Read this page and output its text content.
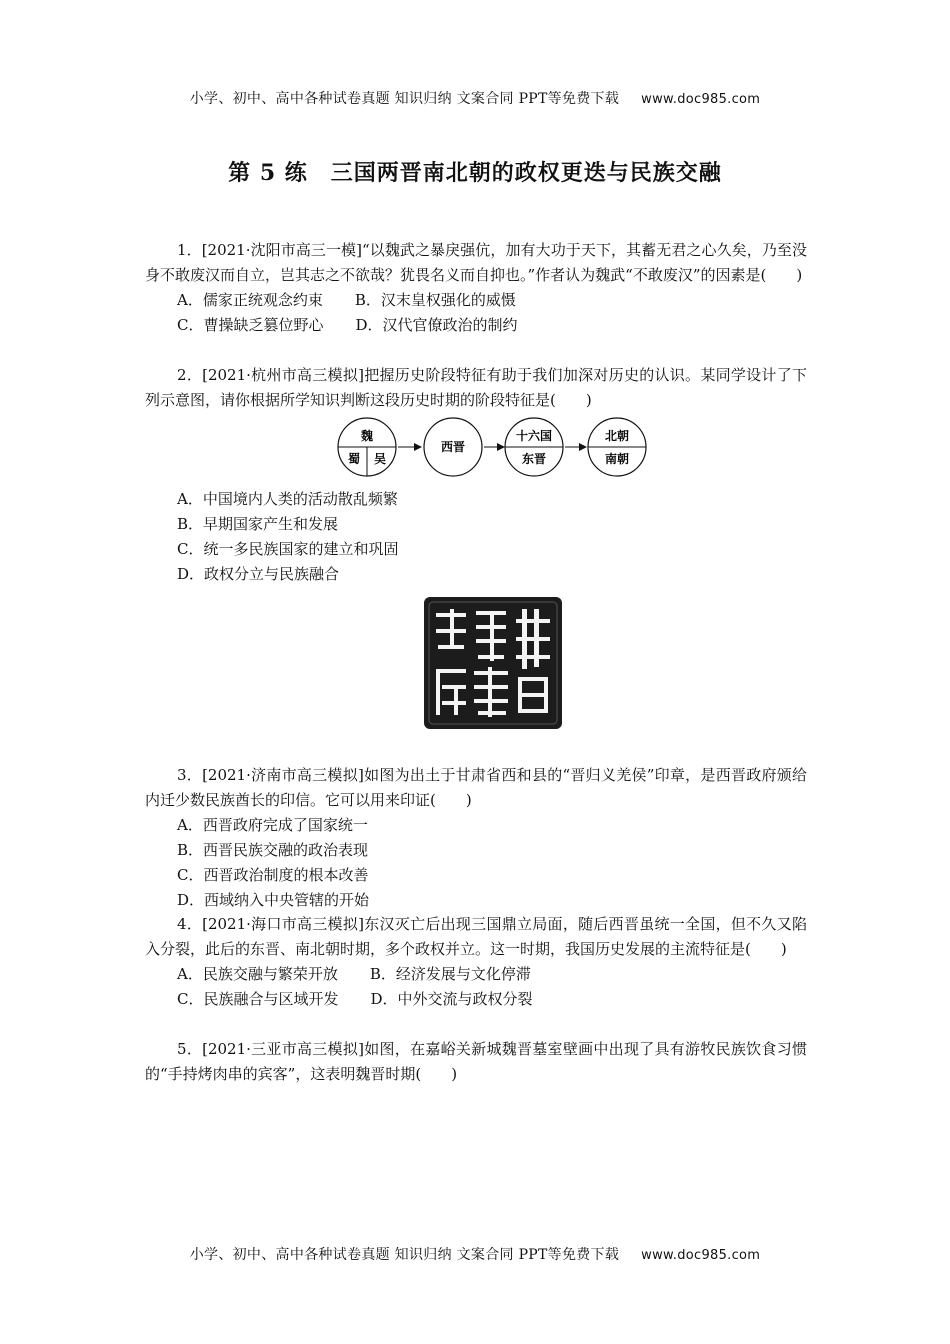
小学、初中、高中各种试卷真题 知识归纳 文案合同 PPT等免费下载 www.doc985.com
第 5 练　三国两晋南北朝的政权更迭与民族交融

1．[2021·沈阳市高三一模]“以魏武之暴戾强伉，加有大功于天下，其蓄无君之心久矣，乃至没身不敢废汉而自立，岂其志之不欲哉？犹畏名义而自抑也。”作者认为魏武“不敢废汉”的因素是(　　)

A．儒家正统观念约束 B．汉末皇权强化的威慑

C．曹操缺乏篡位野心 D．汉代官僚政治的制约

2．[2021·杭州市高三模拟]把握历史阶段特征有助于我们加深对历史的认识。某同学设计了下列示意图，请你根据所学知识判断这段历史时期的阶段特征是(　　)

魏
蜀 吴
西晋
十六国
东晋
北朝
南朝

A．中国境内人类的活动散乱频繁

B．早期国家产生和发展

C．统一多民族国家的建立和巩固

D．政权分立与民族融合

3．[2021·济南市高三模拟]如图为出土于甘肃省西和县的“晋归义羌侯”印章，是西晋政府颁给内迁少数民族酋长的印信。它可以用来印证(　　)

A．西晋政府完成了国家统一

B．西晋民族交融的政治表现

C．西晋政治制度的根本改善

D．西域纳入中央管辖的开始

4．[2021·海口市高三模拟]东汉灭亡后出现三国鼎立局面，随后西晋虽统一全国，但不久又陷入分裂，此后的东晋、南北朝时期，多个政权并立。这一时期，我国历史发展的主流特征是(　　)

A．民族交融与繁荣开放 B．经济发展与文化停滞

C．民族融合与区域开发 D．中外交流与政权分裂

5．[2021·三亚市高三模拟]如图，在嘉峪关新城魏晋墓室壁画中出现了具有游牧民族饮食习惯的“手持烤肉串的宾客”，这表明魏晋时期(　　)

小学、初中、高中各种试卷真题 知识归纳 文案合同 PPT等免费下载 www.doc985.com
